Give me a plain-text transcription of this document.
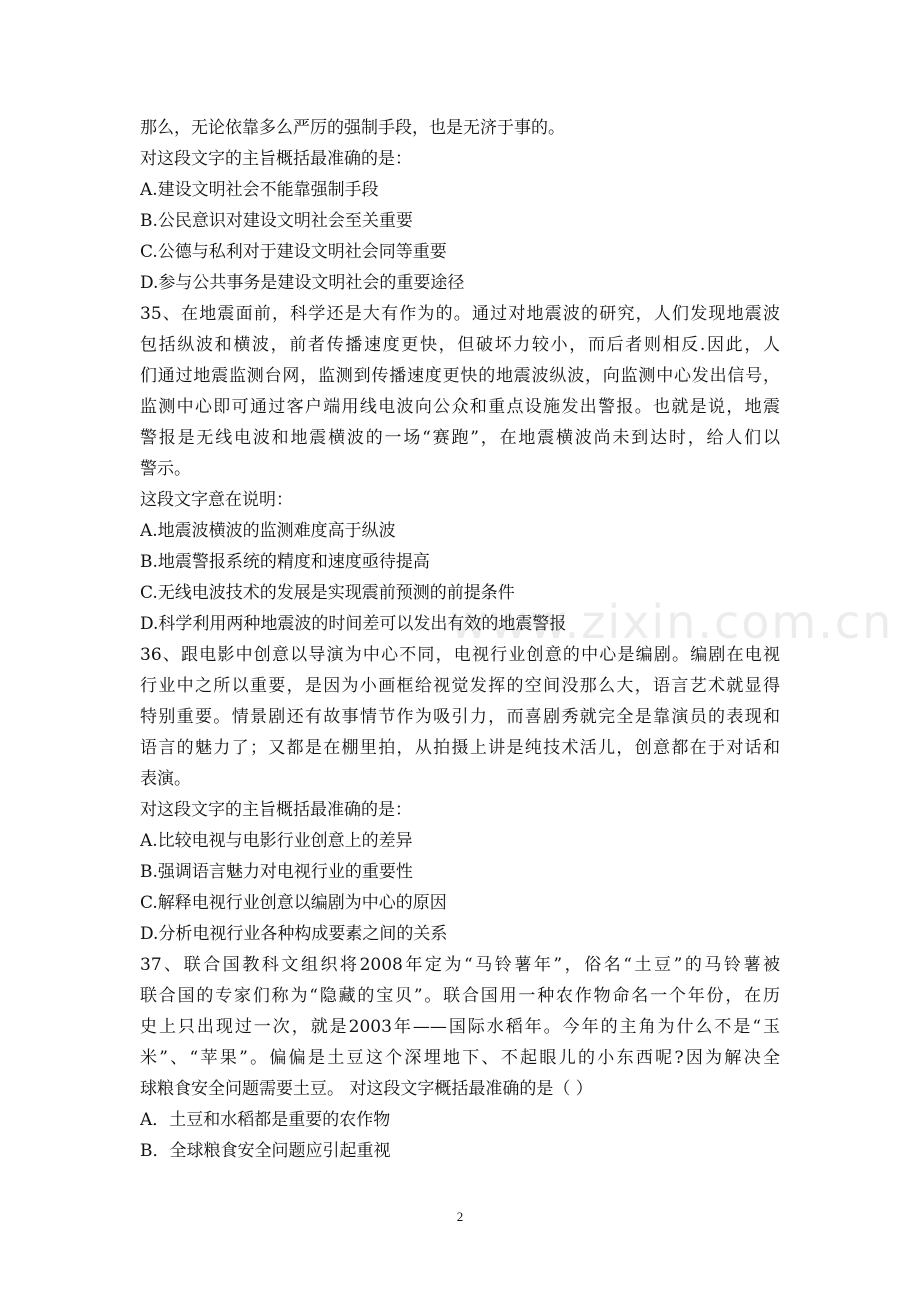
www.zixin.com.cn
那么，无论依靠多么严厉的强制手段，也是无济于事的。
对这段文字的主旨概括最准确的是：
A.建设文明社会不能靠强制手段
B.公民意识对建设文明社会至关重要
C.公德与私利对于建设文明社会同等重要
D.参与公共事务是建设文明社会的重要途径
35、在地震面前，科学还是大有作为的。通过对地震波的研究，人们发现地震波
包括纵波和横波，前者传播速度更快，但破坏力较小，而后者则相反.因此，人
们通过地震监测台网，监测到传播速度更快的地震波纵波，向监测中心发出信号，
监测中心即可通过客户端用线电波向公众和重点设施发出警报。也就是说，地震
警报是无线电波和地震横波的一场“赛跑”，在地震横波尚未到达时，给人们以
警示。
这段文字意在说明：
A.地震波横波的监测难度高于纵波
B.地震警报系统的精度和速度亟待提高
C.无线电波技术的发展是实现震前预测的前提条件
D.科学利用两种地震波的时间差可以发出有效的地震警报
36、跟电影中创意以导演为中心不同，电视行业创意的中心是编剧。编剧在电视
行业中之所以重要，是因为小画框给视觉发挥的空间没那么大，语言艺术就显得
特别重要。情景剧还有故事情节作为吸引力，而喜剧秀就完全是靠演员的表现和
语言的魅力了；又都是在棚里拍，从拍摄上讲是纯技术活儿，创意都在于对话和
表演。
对这段文字的主旨概括最准确的是：
A.比较电视与电影行业创意上的差异
B.强调语言魅力对电视行业的重要性
C.解释电视行业创意以编剧为中心的原因
D.分析电视行业各种构成要素之间的关系
37、联合国教科文组织将2008年定为“马铃薯年”，俗名“土豆”的马铃薯被
联合国的专家们称为“隐藏的宝贝”。联合国用一种农作物命名一个年份，在历
史上只出现过一次，就是2003年——国际水稻年。今年的主角为什么不是“玉
米”、“苹果”。偏偏是土豆这个深埋地下、不起眼儿的小东西呢?因为解决全
球粮食安全问题需要土豆。 对这段文字概括最准确的是（ ）
A．土豆和水稻都是重要的农作物
B．全球粮食安全问题应引起重视
2
